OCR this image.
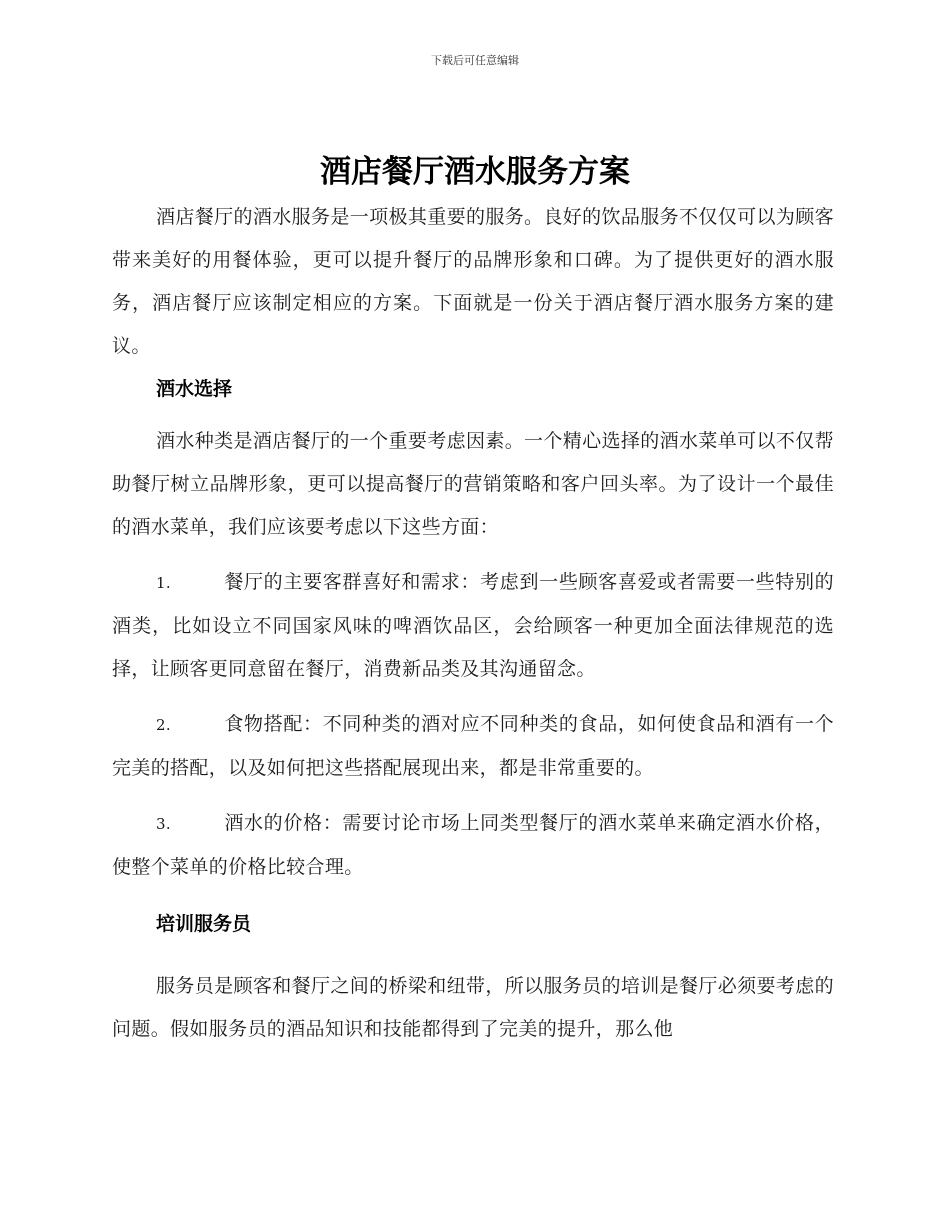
下载后可任意编辑
酒店餐厅酒水服务方案

酒店餐厅的酒水服务是一项极其重要的服务。良好的饮品服务不仅仅可以为顾客带来美好的用餐体验，更可以提升餐厅的品牌形象和口碑。为了提供更好的酒水服务，酒店餐厅应该制定相应的方案。下面就是一份关于酒店餐厅酒水服务方案的建议。

酒水选择

酒水种类是酒店餐厅的一个重要考虑因素。一个精心选择的酒水菜单可以不仅帮助餐厅树立品牌形象，更可以提高餐厅的营销策略和客户回头率。为了设计一个最佳的酒水菜单，我们应该要考虑以下这些方面：

1.	餐厅的主要客群喜好和需求：考虑到一些顾客喜爱或者需要一些特别的酒类，比如设立不同国家风味的啤酒饮品区，会给顾客一种更加全面法律规范的选择，让顾客更同意留在餐厅，消费新品类及其沟通留念。

2.	食物搭配：不同种类的酒对应不同种类的食品，如何使食品和酒有一个完美的搭配，以及如何把这些搭配展现出来，都是非常重要的。

3.	酒水的价格：需要讨论市场上同类型餐厅的酒水菜单来确定酒水价格，使整个菜单的价格比较合理。

培训服务员

服务员是顾客和餐厅之间的桥梁和纽带，所以服务员的培训是餐厅必须要考虑的问题。假如服务员的酒品知识和技能都得到了完美的提升，那么他
